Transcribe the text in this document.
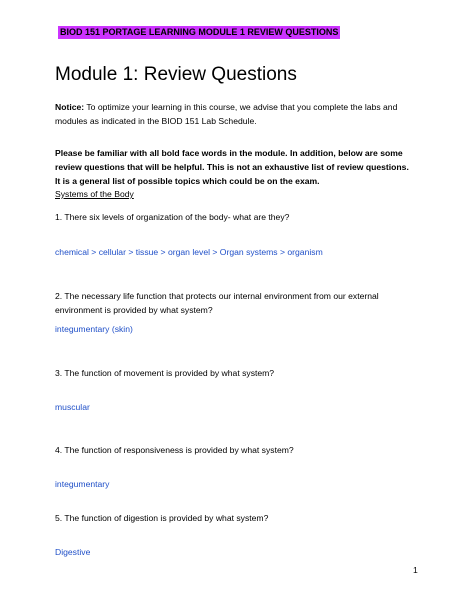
BIOD 151 PORTAGE LEARNING MODULE 1 REVIEW QUESTIONS
Module 1: Review Questions

Notice: To optimize your learning in this course, we advise that you complete the labs and modules as indicated in the BIOD 151 Lab Schedule.

Please be familiar with all bold face words in the module. In addition, below are some review questions that will be helpful. This is not an exhaustive list of review questions. It is a general list of possible topics which could be on the exam.

Systems of the Body

1. There six levels of organization of the body- what are they?

chemical > cellular > tissue > organ level > Organ systems > organism

2. The necessary life function that protects our internal environment from our external environment is provided by what system?

integumentary (skin)

3. The function of movement is provided by what system?

muscular

4. The function of responsiveness is provided by what system?

integumentary

5. The function of digestion is provided by what system?

Digestive

1
